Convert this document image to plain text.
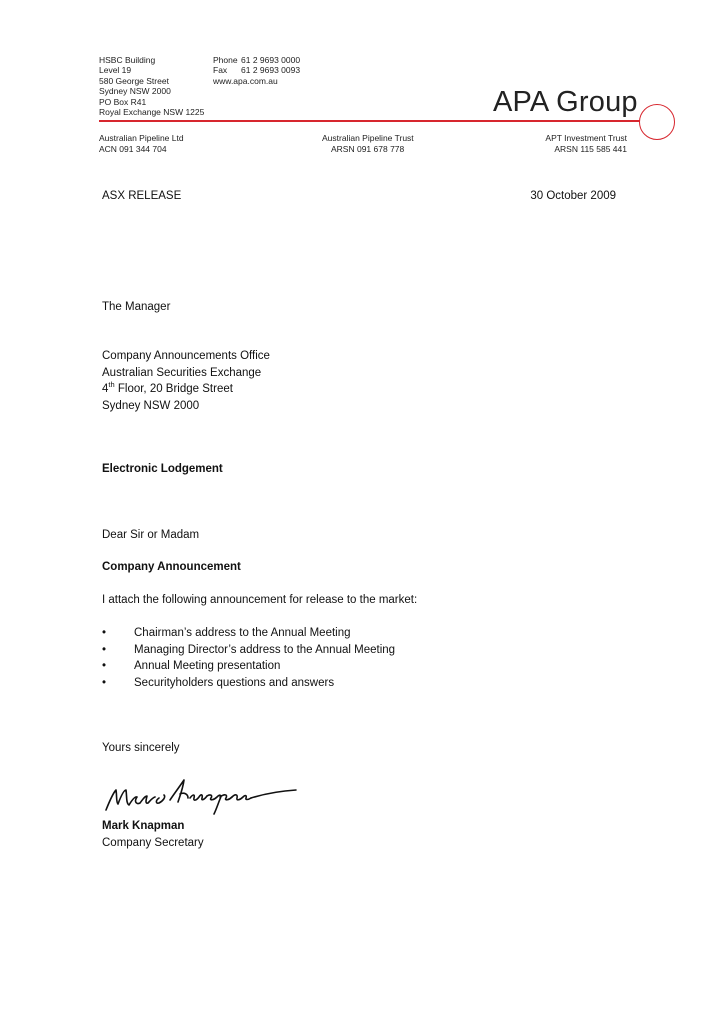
HSBC Building
Level 19
580 George Street
Sydney NSW 2000
PO Box R41
Royal Exchange NSW 1225
Phone 61 2 9693 0000
Fax 61 2 9693 0093
www.apa.com.au
APA Group
Australian Pipeline Ltd
ACN 091 344 704
Australian Pipeline Trust
ARSN 091 678 778
APT Investment Trust
ARSN 115 585 441
ASX RELEASE	30 October 2009
The Manager
Company Announcements Office
Australian Securities Exchange
4th Floor, 20 Bridge Street
Sydney NSW 2000
Electronic Lodgement
Dear Sir or Madam
Company Announcement
I attach the following announcement for release to the market:
• Chairman’s address to the Annual Meeting
• Managing Director’s address to the Annual Meeting
• Annual Meeting presentation
• Securityholders questions and answers
Yours sincerely
Mark Knapman
Company Secretary
